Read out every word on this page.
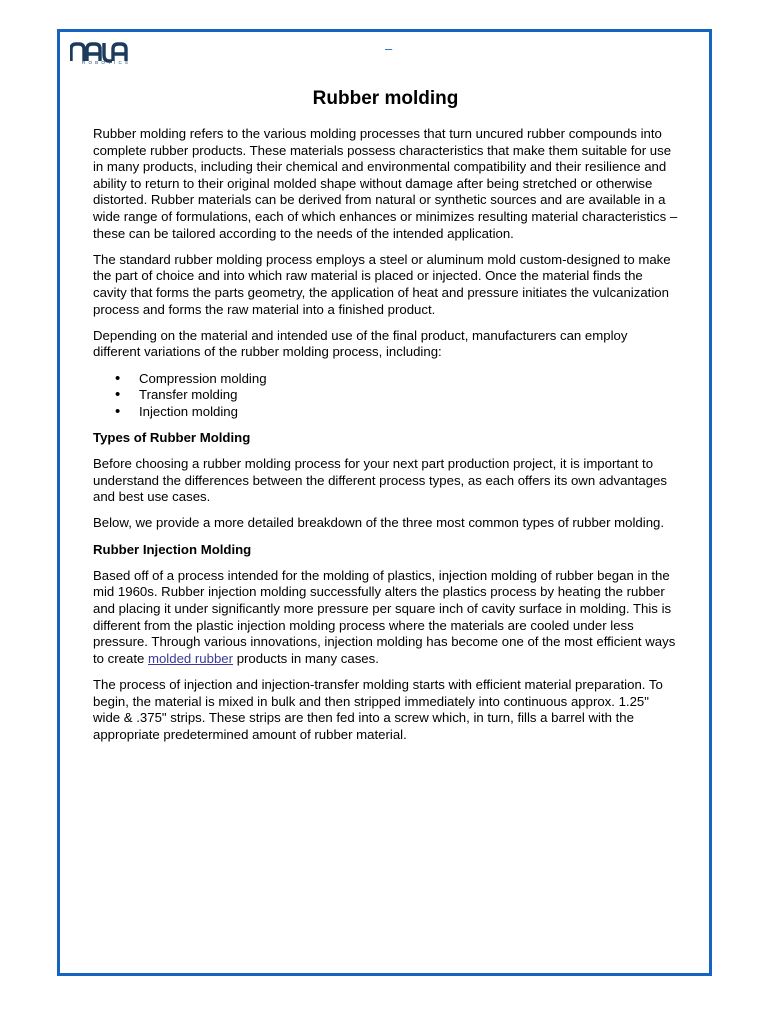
ROBOTICS
–
Rubber molding

Rubber molding refers to the various molding processes that turn uncured rubber compounds into complete rubber products. These materials possess characteristics that make them suitable for use in many products, including their chemical and environmental compatibility and their resilience and ability to return to their original molded shape without damage after being stretched or otherwise distorted. Rubber materials can be derived from natural or synthetic sources and are available in a wide range of formulations, each of which enhances or minimizes resulting material characteristics – these can be tailored according to the needs of the intended application.

The standard rubber molding process employs a steel or aluminum mold custom-designed to make the part of choice and into which raw material is placed or injected. Once the material finds the cavity that forms the parts geometry, the application of heat and pressure initiates the vulcanization process and forms the raw material into a finished product.

Depending on the material and intended use of the final product, manufacturers can employ different variations of the rubber molding process, including:

• Compression molding
• Transfer molding
• Injection molding
Types of Rubber Molding

Before choosing a rubber molding process for your next part production project, it is important to understand the differences between the different process types, as each offers its own advantages and best use cases.

Below, we provide a more detailed breakdown of the three most common types of rubber molding.

Rubber Injection Molding

Based off of a process intended for the molding of plastics, injection molding of rubber began in the mid 1960s. Rubber injection molding successfully alters the plastics process by heating the rubber and placing it under significantly more pressure per square inch of cavity surface in molding. This is different from the plastic injection molding process where the materials are cooled under less pressure. Through various innovations, injection molding has become one of the most efficient ways to create molded rubber products in many cases.

The process of injection and injection-transfer molding starts with efficient material preparation. To begin, the material is mixed in bulk and then stripped immediately into continuous approx. 1.25" wide & .375" strips. These strips are then fed into a screw which, in turn, fills a barrel with the appropriate predetermined amount of rubber material.
